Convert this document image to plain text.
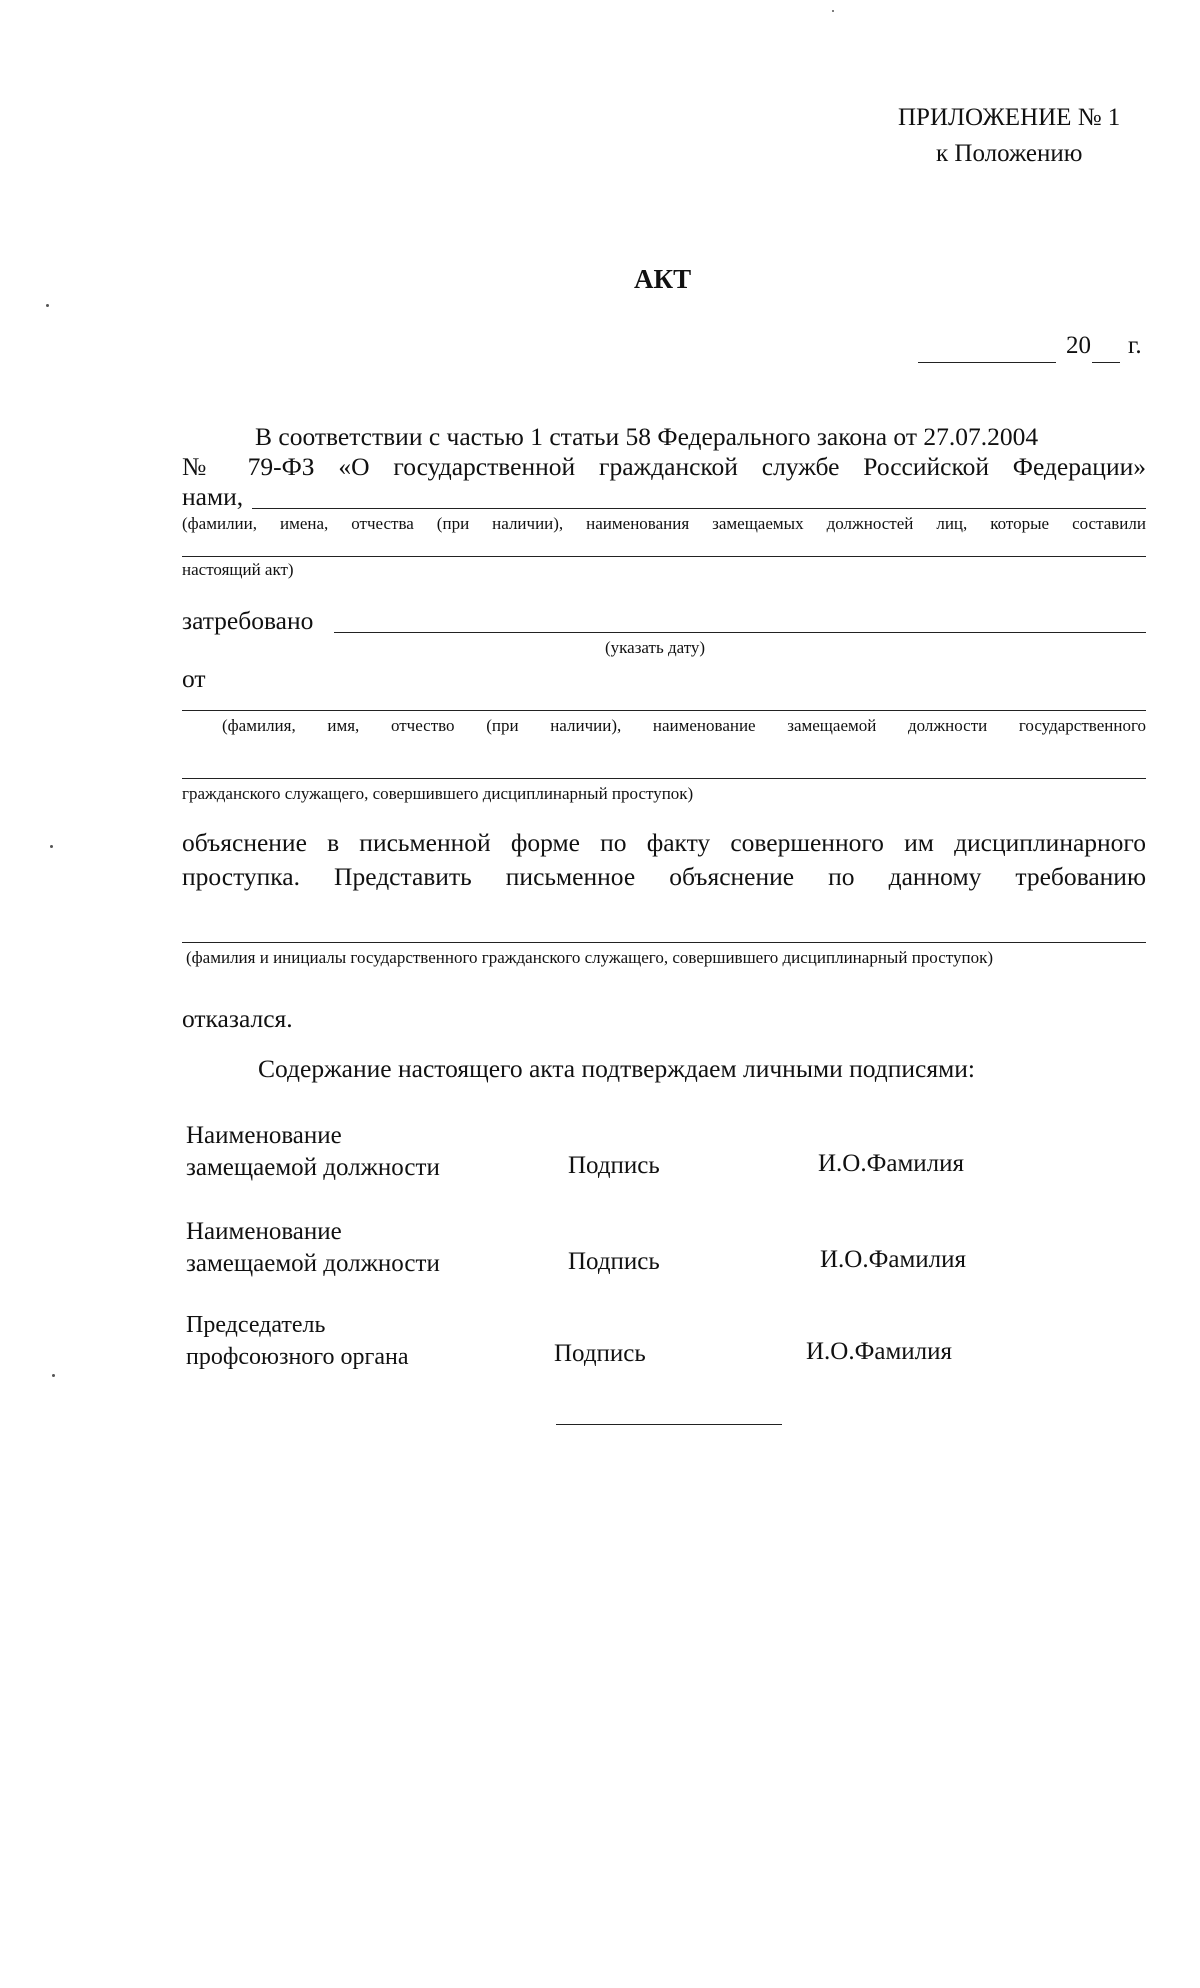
ПРИЛОЖЕНИЕ № 1
к Положению
АКТ
20 г.
В соответствии с частью 1 статьи 58 Федерального закона от 27.07.2004
№ 79-ФЗ «О государственной гражданской службе Российской Федерации»
нами,
(фамилии, имена, отчества (при наличии), наименования замещаемых должностей лиц, которые составили
настоящий акт)
затребовано
(указать дату)
от
(фамилия, имя, отчество (при наличии), наименование замещаемой должности государственного
гражданского служащего, совершившего дисциплинарный проступок)
объяснение в письменной форме по факту совершенного им дисциплинарного
проступка. Представить письменное объяснение по данному требованию
(фамилия и инициалы государственного гражданского служащего, совершившего дисциплинарный проступок)
отказался.
Содержание настоящего акта подтверждаем личными подписями:
Наименование
замещаемой должности	Подпись	И.О.Фамилия
Наименование
замещаемой должности	Подпись	И.О.Фамилия
Председатель
профсоюзного органа	Подпись	И.О.Фамилия
